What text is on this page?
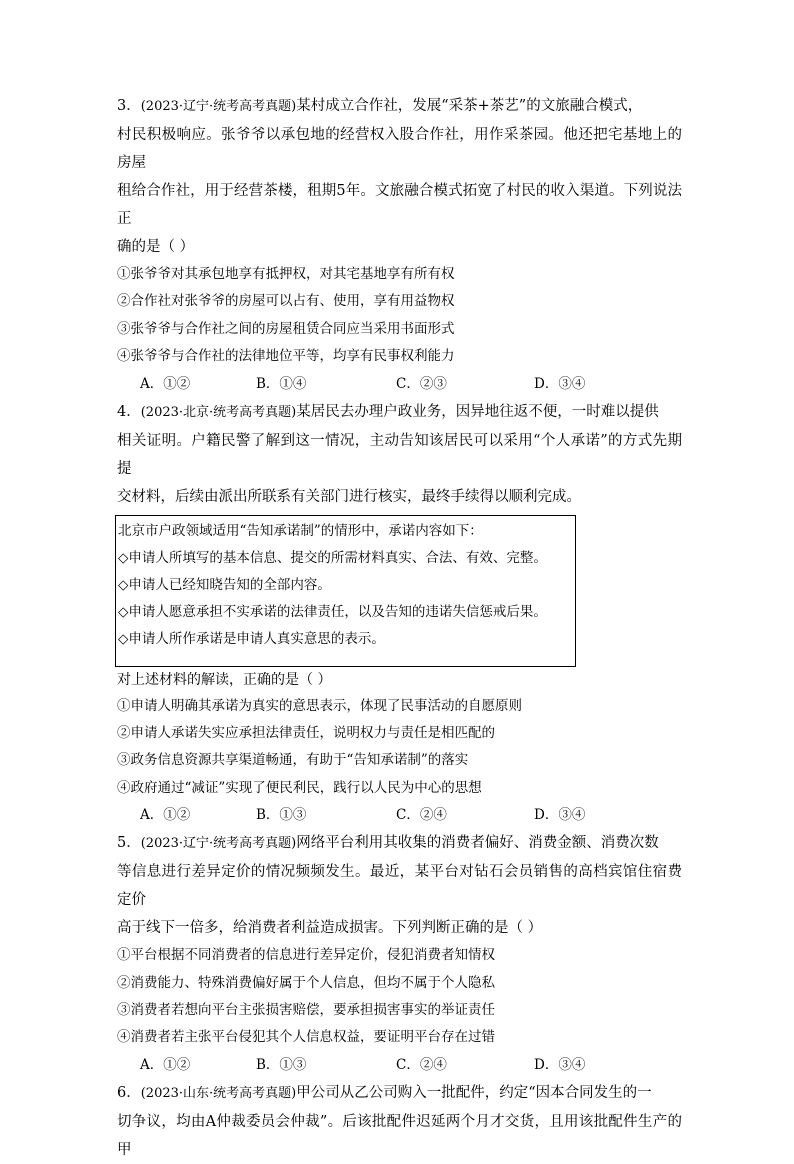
3．(2023·辽宁·统考高考真题)某村成立合作社，发展“采茶+茶艺”的文旅融合模式，
村民积极响应。张爷爷以承包地的经营权入股合作社，用作采茶园。他还把宅基地上的房屋
租给合作社，用于经营茶楼，租期5年。文旅融合模式拓宽了村民的收入渠道。下列说法正
确的是（ ）

①张爷爷对其承包地享有抵押权，对其宅基地享有所有权

②合作社对张爷爷的房屋可以占有、使用，享有用益物权

③张爷爷与合作社之间的房屋租赁合同应当采用书面形式

④张爷爷与合作社的法律地位平等，均享有民事权利能力

A．①②	B．①④	C．②③	D．③④

4．(2023·北京·统考高考真题)某居民去办理户政业务，因异地往返不便，一时难以提供
相关证明。户籍民警了解到这一情况，主动告知该居民可以采用“个人承诺”的方式先期提
交材料，后续由派出所联系有关部门进行核实，最终手续得以顺利完成。

北京市户政领域适用“告知承诺制”的情形中，承诺内容如下：

◇申请人所填写的基本信息、提交的所需材料真实、合法、有效、完整。

◇申请人已经知晓告知的全部内容。

◇申请人愿意承担不实承诺的法律责任，以及告知的违诺失信惩戒后果。

◇申请人所作承诺是申请人真实意思的表示。

对上述材料的解读，正确的是（ ）

①申请人明确其承诺为真实的意思表示，体现了民事活动的自愿原则

②申请人承诺失实应承担法律责任，说明权力与责任是相匹配的

③政务信息资源共享渠道畅通，有助于“告知承诺制”的落实

④政府通过“减证”实现了便民利民，践行以人民为中心的思想

A．①②	B．①③	C．②④	D．③④

5．(2023·辽宁·统考高考真题)网络平台利用其收集的消费者偏好、消费金额、消费次数
等信息进行差异定价的情况频频发生。最近，某平台对钻石会员销售的高档宾馆住宿费定价
高于线下一倍多，给消费者利益造成损害。下列判断正确的是（ ）

①平台根据不同消费者的信息进行差异定价，侵犯消费者知情权

②消费能力、特殊消费偏好属于个人信息，但均不属于个人隐私

③消费者若想向平台主张损害赔偿，要承担损害事实的举证责任

④消费者若主张平台侵犯其个人信息权益，要证明平台存在过错

A．①②	B．①③	C．②④	D．③④

6．(2023·山东·统考高考真题)甲公司从乙公司购入一批配件，约定“因本合同发生的一
切争议，均由A仲裁委员会仲裁”。后该批配件迟延两个月才交货，且用该批配件生产的甲
